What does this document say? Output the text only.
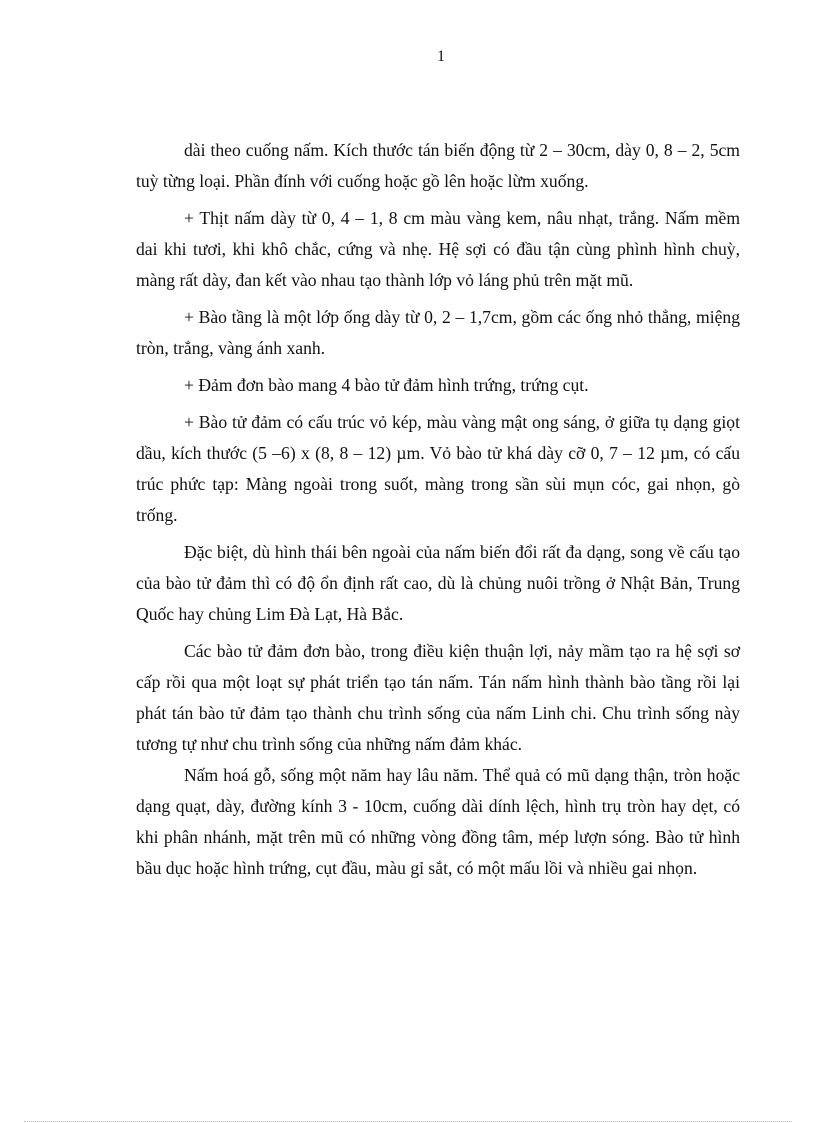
1

dài theo cuống nấm. Kích thước tán biến động từ 2 – 30cm, dày 0, 8 – 2, 5cm tuỳ từng loại. Phần đính với cuống hoặc gồ lên hoặc lừm xuống.

+ Thịt nấm dày từ 0, 4 – 1, 8 cm màu vàng kem, nâu nhạt, trắng. Nấm mềm dai khi tươi, khi khô chắc, cứng và nhẹ. Hệ sợi có đầu tận cùng phình hình chuỳ, màng rất dày, đan kết vào nhau tạo thành lớp vỏ láng phủ trên mặt mũ.

+ Bào tầng là một lớp ống dày từ 0, 2 – 1,7cm, gồm các ống nhỏ thẳng, miệng tròn, trắng, vàng ánh xanh.

+ Đảm đơn bào mang 4 bào tử đảm hình trứng, trứng cụt.

+ Bào tử đảm có cấu trúc vỏ kép, màu vàng mật ong sáng, ở giữa tụ dạng giọt dầu, kích thước (5 –6) x (8, 8 – 12) µm. Vỏ bào tử khá dày cỡ 0, 7 – 12 µm, có cấu trúc phức tạp: Màng ngoài trong suốt, màng trong sần sùi mụn cóc, gai nhọn, gò trống.

Đặc biệt, dù hình thái bên ngoài của nấm biến đổi rất đa dạng, song về cấu tạo của bào tử đảm thì có độ ổn định rất cao, dù là chủng nuôi trồng ở Nhật Bản, Trung Quốc hay chủng Lim Đà Lạt, Hà Bắc.

Các bào tử đảm đơn bào, trong điều kiện thuận lợi, nảy mầm tạo ra hệ sợi sơ cấp rồi qua một loạt sự phát triển tạo tán nấm. Tán nấm hình thành bào tầng rồi lại phát tán bào tử đảm tạo thành chu trình sống của nấm Linh chi. Chu trình sống này tương tự như chu trình sống của những nấm đảm khác.

Nấm hoá gỗ, sống một năm hay lâu năm. Thể quả có mũ dạng thận, tròn hoặc dạng quạt, dày, đường kính 3 - 10cm, cuống dài dính lệch, hình trụ tròn hay dẹt, có khi phân nhánh, mặt trên mũ có những vòng đồng tâm, mép lượn sóng. Bào tử hình bầu dục hoặc hình trứng, cụt đầu, màu gỉ sắt, có một mấu lồi và nhiều gai nhọn.
